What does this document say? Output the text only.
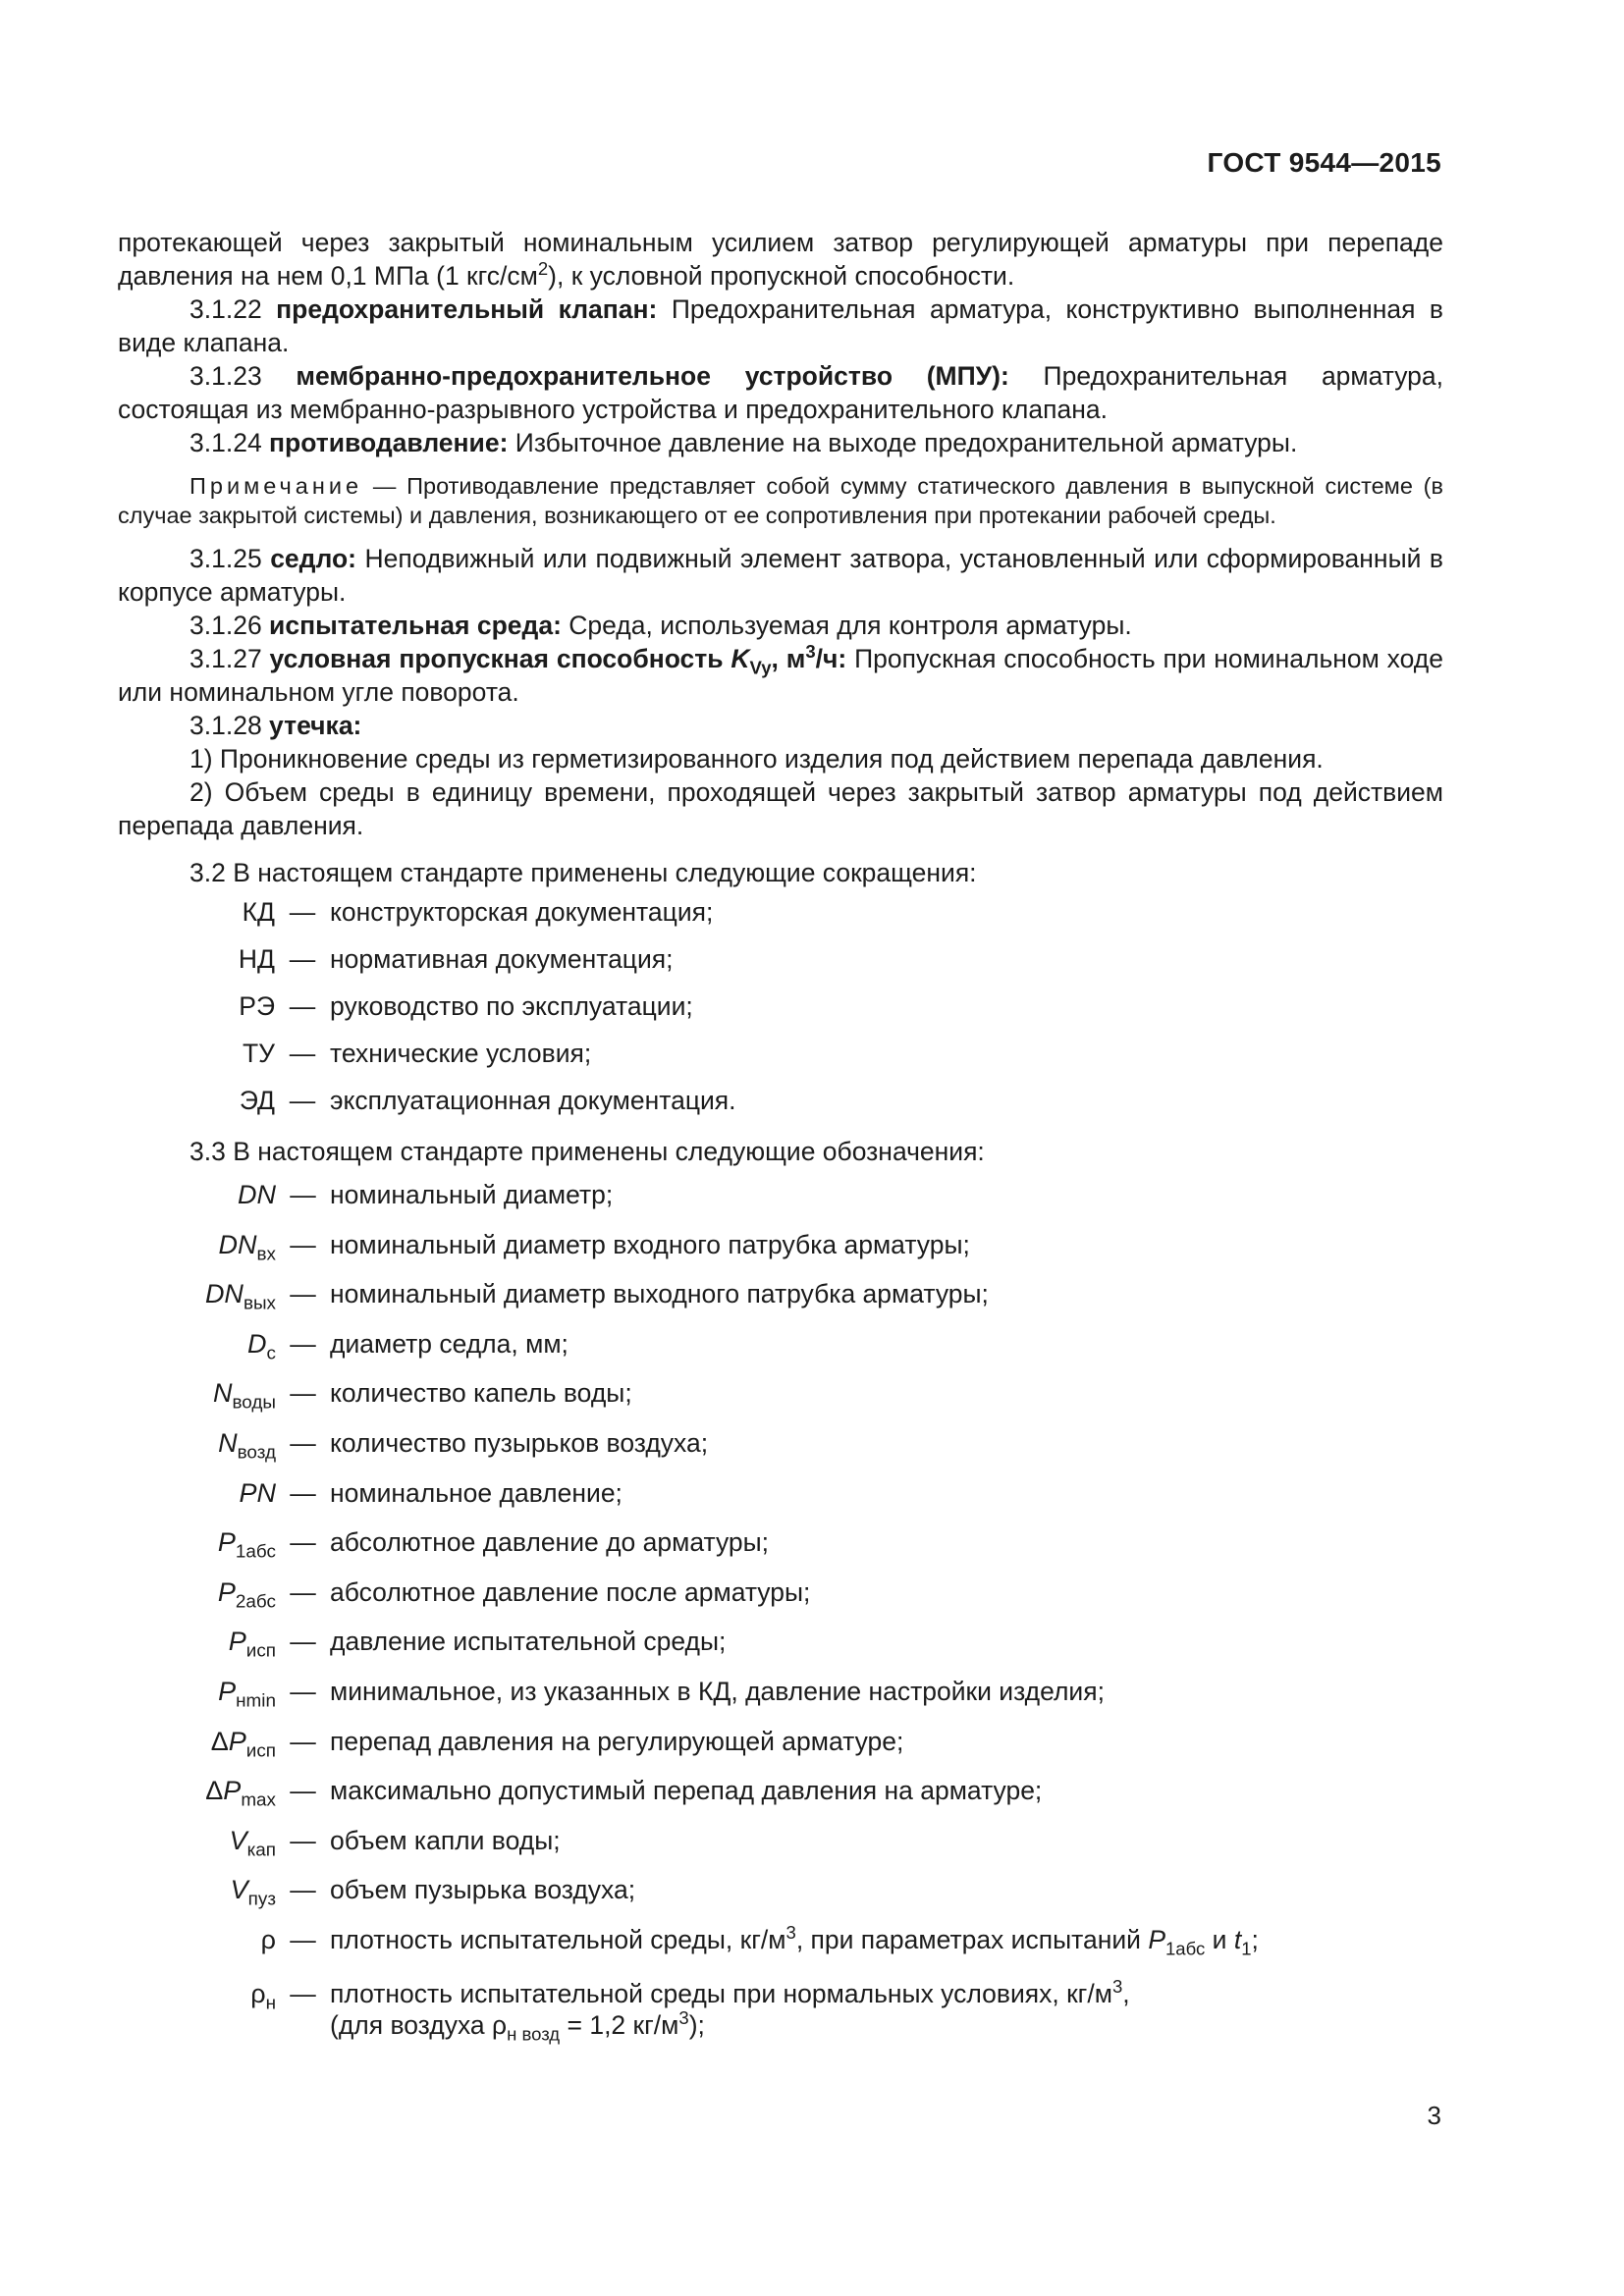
ГОСТ 9544—2015

протекающей через закрытый номинальным усилием затвор регулирующей арматуры при перепаде давления на нем 0,1 МПа (1 кгс/$см^2$), к условной пропускной способности.

3.1.22 предохранительный клапан: Предохранительная арматура, конструктивно выполненная в виде клапана.

3.1.23 мембранно-предохранительное устройство (МПУ): Предохранительная арматура, состоящая из мембранно-разрывного устройства и предохранительного клапана.

3.1.24 противодавление: Избыточное давление на выходе предохранительной арматуры.

Примечание — Противодавление представляет собой сумму статического давления в выпускной системе (в случае закрытой системы) и давления, возникающего от ее сопротивления при протекании рабочей среды.

3.1.25 седло: Неподвижный или подвижный элемент затвора, установленный или сформированный в корпусе арматуры.

3.1.26 испытательная среда: Среда, используемая для контроля арматуры.

3.1.27 условная пропускная способность $K_{Vy}$, $м^3/ч$: Пропускная способность при номинальном ходе или номинальном угле поворота.

3.1.28 утечка:

1) Проникновение среды из герметизированного изделия под действием перепада давления.

2) Объем среды в единицу времени, проходящей через закрытый затвор арматуры под действием перепада давления.

3.2 В настоящем стандарте применены следующие сокращения:

КД — конструкторская документация;
НД — нормативная документация;
РЭ — руководство по эксплуатации;
ТУ — технические условия;
ЭД — эксплуатационная документация.

3.3 В настоящем стандарте применены следующие обозначения:

DN — номинальный диаметр;
$DN_{вх}$ — номинальный диаметр входного патрубка арматуры;
$DN_{вых}$ — номинальный диаметр выходного патрубка арматуры;
$D_с$ — диаметр седла, мм;
$N_{воды}$ — количество капель воды;
$N_{возд}$ — количество пузырьков воздуха;
PN — номинальное давление;
$P_{1абс}$ — абсолютное давление до арматуры;
$P_{2абс}$ — абсолютное давление после арматуры;
$P_{исп}$ — давление испытательной среды;
$P_{нmin}$ — минимальное, из указанных в КД, давление настройки изделия;
$\Delta P_{исп}$ — перепад давления на регулирующей арматуре;
$\Delta P_{max}$ — максимально допустимый перепад давления на арматуре;
$V_{кап}$ — объем капли воды;
$V_{пуз}$ — объем пузырька воздуха;
ρ — плотность испытательной среды, $кг/м^3$, при параметрах испытаний $P_{1абс}$ и $t_1$;
$\rho_н$ — плотность испытательной среды при нормальных условиях, $кг/м^3$,
(для воздуха $\rho_{н возд} = 1,2$ $кг/м^3$);
3
